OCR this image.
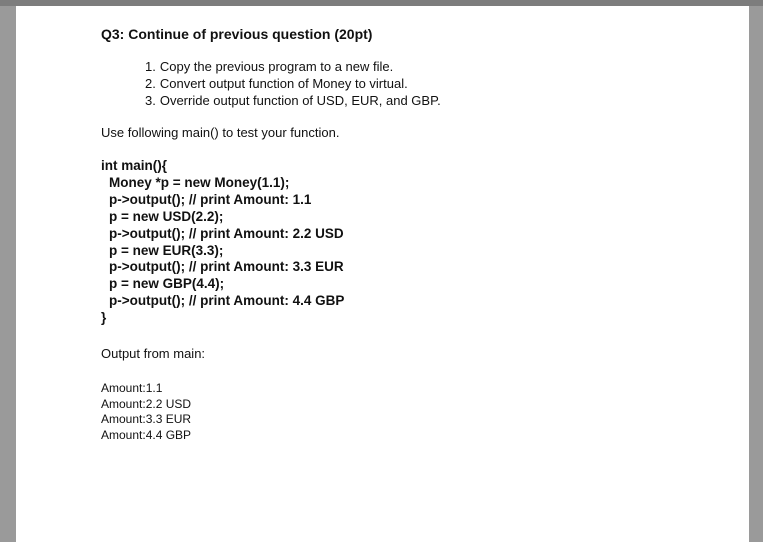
Q3: Continue of previous question (20pt)

1. Copy the previous program to a new file.
2. Convert output function of Money to virtual.
3. Override output function of USD, EUR, and GBP.

Use following main() to test your function.

int main(){
Money *p = new Money(1.1);
p->output(); // print Amount: 1.1
p = new USD(2.2);
p->output(); // print Amount: 2.2 USD
p = new EUR(3.3);
p->output(); // print Amount: 3.3 EUR
p = new GBP(4.4);
p->output(); // print Amount: 4.4 GBP
}

Output from main:

Amount:1.1
Amount:2.2 USD
Amount:3.3 EUR
Amount:4.4 GBP
